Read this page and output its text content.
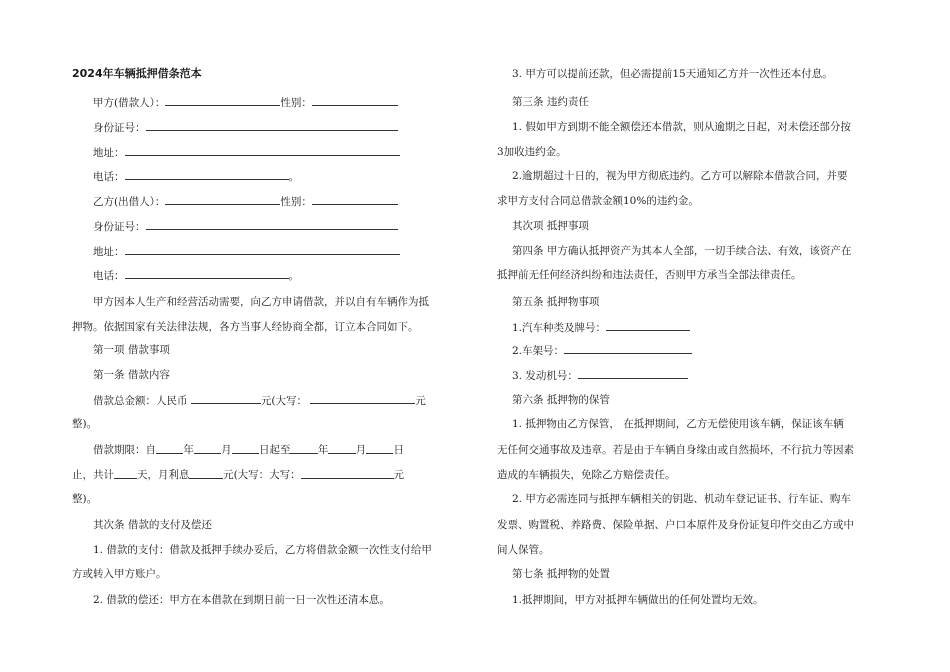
2024年车辆抵押借条范本
甲方(借款人）：	性别：
身份证号：
地址：
电话：	。
乙方(出借人）：	性别：
身份证号：
地址：
电话：	。
甲方因本人生产和经营活动需要，向乙方申请借款，并以自有车辆作为抵
押物。依据国家有关法律法规，各方当事人经协商全都，订立本合同如下。
第一项 借款事项
第一条 借款内容
借款总金额：人民币	元(大写：	元
整)。
借款期限：自	年	月	日起至	年	月	日
止，共计 天，月利息	元(大写：大写：	元
整)。
其次条 借款的支付及偿还
1. 借款的支付：借款及抵押手续办妥后，乙方将借款金额一次性支付给甲
方或转入甲方账户。
2. 借款的偿还：甲方在本借款在到期日前一日一次性还清本息。
3. 甲方可以提前还款，但必需提前15天通知乙方并一次性还本付息。
第三条 违约责任
1. 假如甲方到期不能全额偿还本借款，则从逾期之日起，对未偿还部分按
3加收违约金。
2.逾期超过十日的，视为甲方彻底违约。乙方可以解除本借款合同，并要
求甲方支付合同总借款金额10%的违约金。
其次项 抵押事项
第四条 甲方确认抵押资产为其本人全部，一切手续合法、有效，该资产在
抵押前无任何经济纠纷和违法责任，否则甲方承当全部法律责任。
第五条 抵押物事项
1.汽车种类及牌号：
2.车架号：
3. 发动机号：
第六条 抵押物的保管
1. 抵押物由乙方保管， 在抵押期间，乙方无偿使用该车辆，保证该车辆
无任何交通事故及违章。若是由于车辆自身缘由或自然损坏，不行抗力等因素
造成的车辆损失，免除乙方赔偿责任。
2. 甲方必需连同与抵押车辆相关的钥匙、机动车登记证书、行车证、购车
发票、购置税、养路费、保险单据、户口本原件及身份证复印件交由乙方或中
间人保管。
第七条 抵押物的处置
1.抵押期间，甲方对抵押车辆做出的任何处置均无效。
